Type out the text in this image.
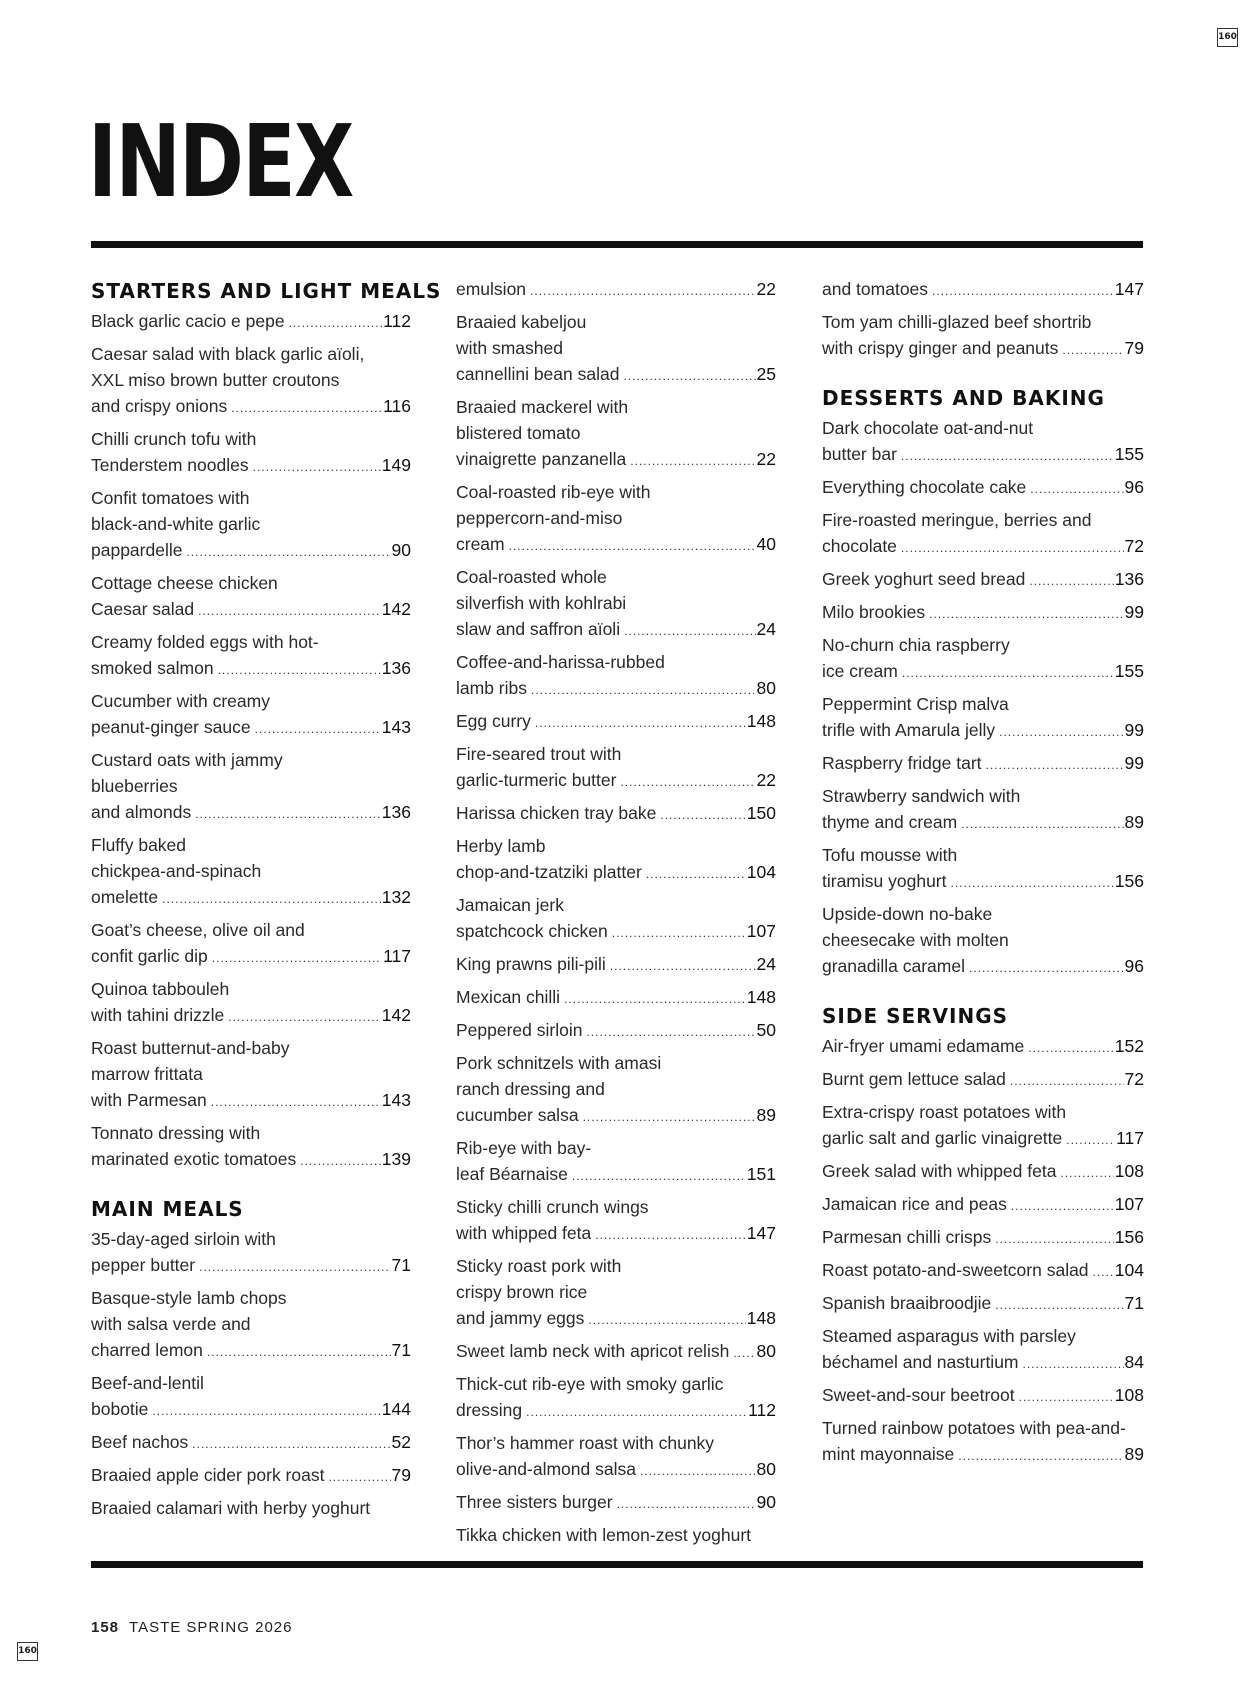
160
INDEX
STARTERS AND LIGHT MEALS
Black garlic cacio e pepe .....	112
Caesar salad with black garlic aïoli,
XXL miso brown butter croutons
and crispy onions .....	116
Chilli crunch tofu with
Tenderstem noodles .....	149
Confit tomatoes with
black-and-white garlic
pappardelle .....	90
Cottage cheese chicken
Caesar salad .....	142
Creamy folded eggs with hot-
smoked salmon .....	136
Cucumber with creamy
peanut-ginger sauce .....	143
Custard oats with jammy
blueberries
and almonds .....	136
Fluffy baked
chickpea-and-spinach
omelette .....	132
Goat’s cheese, olive oil and
confit garlic dip .....	117
Quinoa tabbouleh
with tahini drizzle .....	142
Roast butternut-and-baby
marrow frittata
with Parmesan .....	143
Tonnato dressing with
marinated exotic tomatoes .....	139
MAIN MEALS
35-day-aged sirloin with
pepper butter .....	71
Basque-style lamb chops
with salsa verde and
charred lemon .....	71
Beef-and-lentil
bobotie .....	144
Beef nachos .....	52
Braaied apple cider pork roast .....	79
Braaied calamari with herby yoghurt
emulsion .....	22
Braaied kabeljou
with smashed
cannellini bean salad .....	25
Braaied mackerel with
blistered tomato
vinaigrette panzanella .....	22
Coal-roasted rib-eye with
peppercorn-and-miso
cream .....	40
Coal-roasted whole
silverfish with kohlrabi
slaw and saffron aïoli .....	24
Coffee-and-harissa-rubbed
lamb ribs .....	80
Egg curry .....	148
Fire-seared trout with
garlic-turmeric butter .....	22
Harissa chicken tray bake .....	150
Herby lamb
chop-and-tzatziki platter .....	104
Jamaican jerk
spatchcock chicken .....	107
King prawns pili-pili .....	24
Mexican chilli .....	148
Peppered sirloin .....	50
Pork schnitzels with amasi
ranch dressing and
cucumber salsa .....	89
Rib-eye with bay-
leaf Béarnaise .....	151
Sticky chilli crunch wings
with whipped feta .....	147
Sticky roast pork with
crispy brown rice
and jammy eggs .....	148
Sweet lamb neck with apricot relish ..... 80
Thick-cut rib-eye with smoky garlic
dressing .....	112
Thor’s hammer roast with chunky
olive-and-almond salsa .....	80
Three sisters burger .....	90
Tikka chicken with lemon-zest yoghurt
and tomatoes .....	147
Tom yam chilli-glazed beef shortrib
with crispy ginger and peanuts .....	79
DESSERTS AND BAKING
Dark chocolate oat-and-nut
butter bar .....	155
Everything chocolate cake .....	96
Fire-roasted meringue, berries and
chocolate .....	72
Greek yoghurt seed bread .....	136
Milo brookies .....	99
No-churn chia raspberry
ice cream .....	155
Peppermint Crisp malva
trifle with Amarula jelly .....	99
Raspberry fridge tart .....	99
Strawberry sandwich with
thyme and cream .....	89
Tofu mousse with
tiramisu yoghurt .....	156
Upside-down no-bake
cheesecake with molten
granadilla caramel .....	96
SIDE SERVINGS
Air-fryer umami edamame .....	152
Burnt gem lettuce salad .....	72
Extra-crispy roast potatoes with
garlic salt and garlic vinaigrette .....	117
Greek salad with whipped feta .....	108
Jamaican rice and peas .....	107
Parmesan chilli crisps .....	156
Roast potato-and-sweetcorn salad ..... 104
Spanish braaibroodjie .....	71
Steamed asparagus with parsley
béchamel and nasturtium .....	84
Sweet-and-sour beetroot .....	108
Turned rainbow potatoes with pea-and-
mint mayonnaise .....	89
158 TASTE SPRING 2026
160
